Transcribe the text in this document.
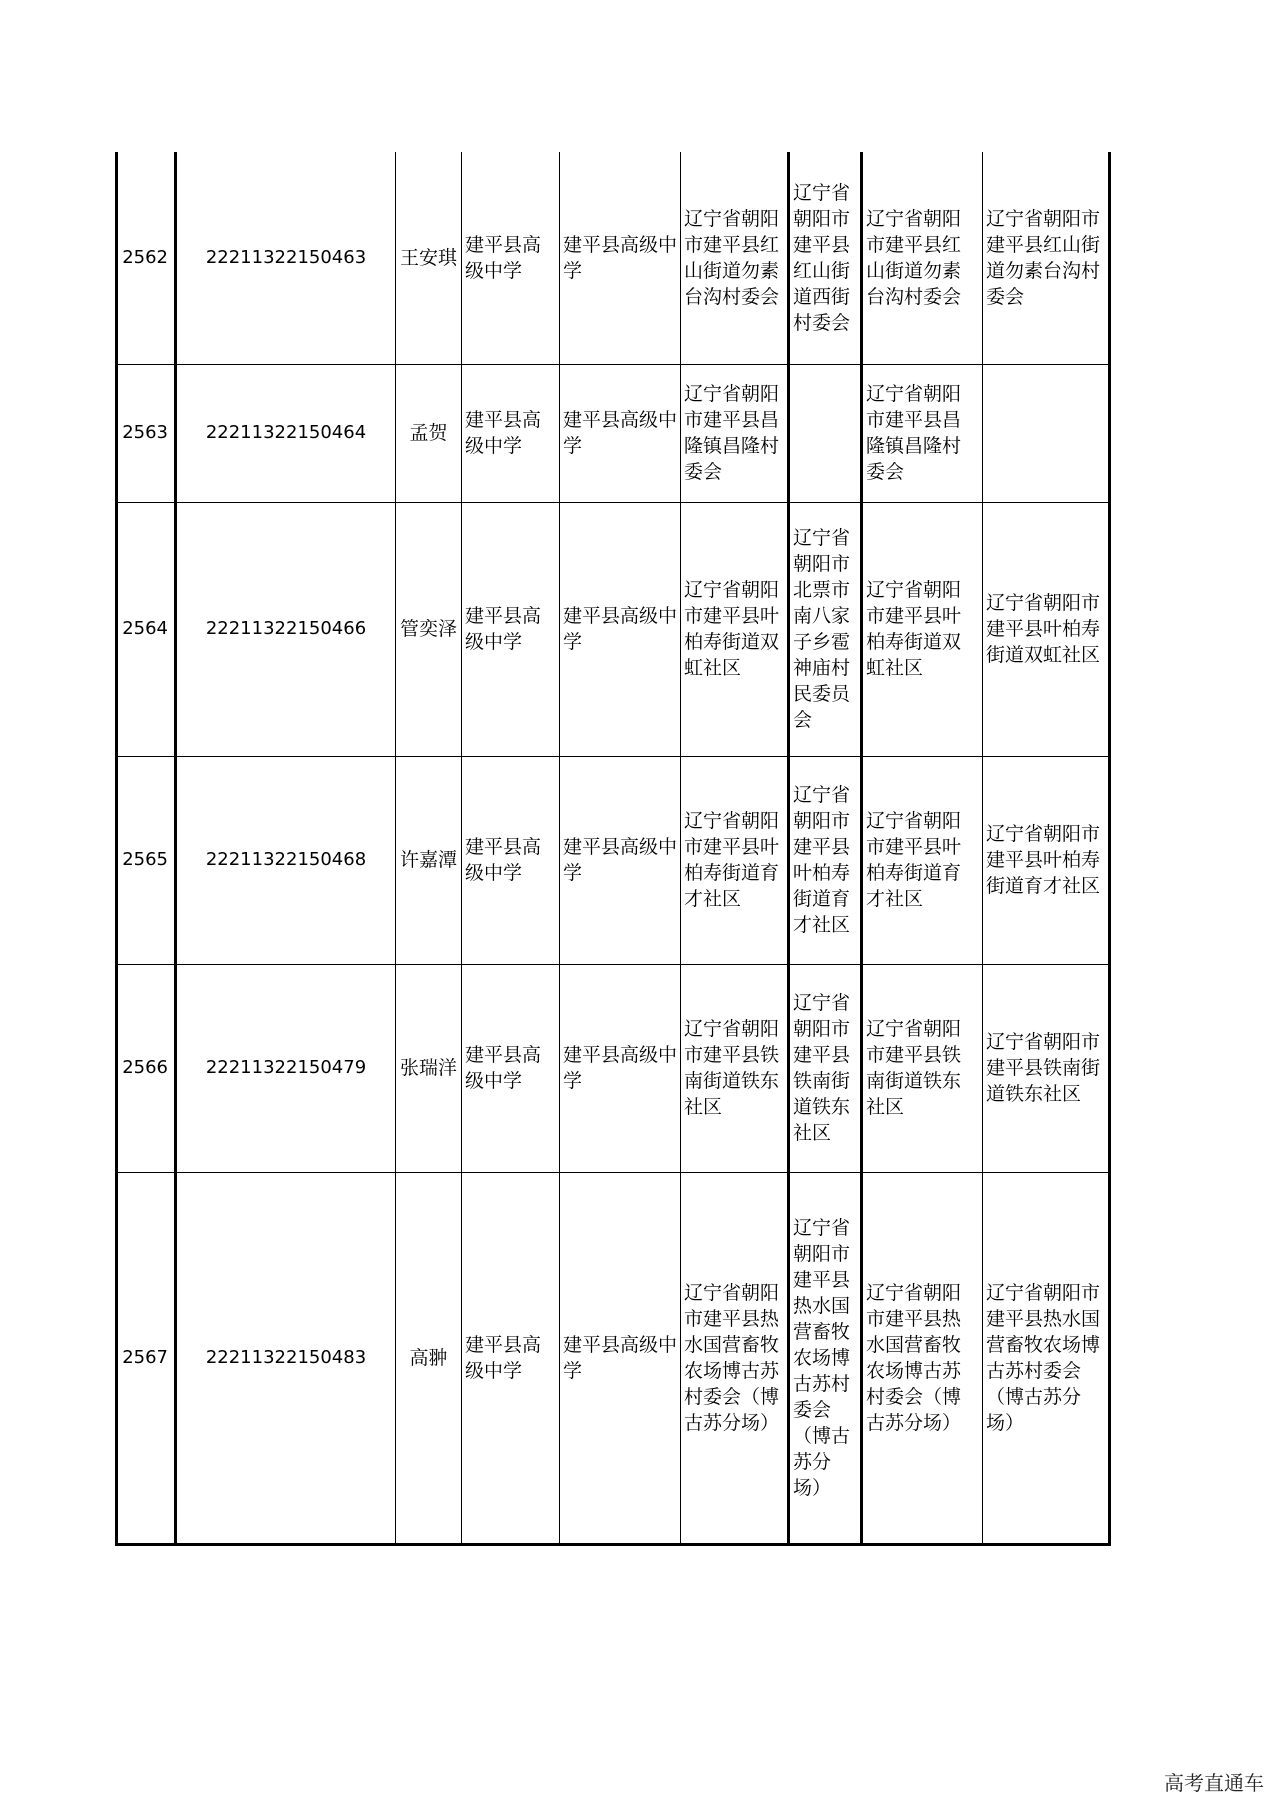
2562	22211322150463	王安琪	建平县高级中学	建平县高级中学	辽宁省朝阳市建平县红山街道勿素台沟村委会	辽宁省朝阳市建平县红山街道西街村委会	辽宁省朝阳市建平县红山街道勿素台沟村委会	辽宁省朝阳市建平县红山街道勿素台沟村委会
2563	22211322150464	孟贺	建平县高级中学	建平县高级中学	辽宁省朝阳市建平县昌隆镇昌隆村委会		辽宁省朝阳市建平县昌隆镇昌隆村委会	
2564	22211322150466	管奕泽	建平县高级中学	建平县高级中学	辽宁省朝阳市建平县叶柏寿街道双虹社区	辽宁省朝阳市北票市南八家子乡雹神庙村民委员会	辽宁省朝阳市建平县叶柏寿街道双虹社区	辽宁省朝阳市建平县叶柏寿街道双虹社区
2565	22211322150468	许嘉潭	建平县高级中学	建平县高级中学	辽宁省朝阳市建平县叶柏寿街道育才社区	辽宁省朝阳市建平县叶柏寿街道育才社区	辽宁省朝阳市建平县叶柏寿街道育才社区	辽宁省朝阳市建平县叶柏寿街道育才社区
2566	22211322150479	张瑞洋	建平县高级中学	建平县高级中学	辽宁省朝阳市建平县铁南街道铁东社区	辽宁省朝阳市建平县铁南街道铁东社区	辽宁省朝阳市建平县铁南街道铁东社区	辽宁省朝阳市建平县铁南街道铁东社区
2567	22211322150483	高翀	建平县高级中学	建平县高级中学	辽宁省朝阳市建平县热水国营畜牧农场博古苏村委会（博古苏分场）	辽宁省朝阳市建平县热水国营畜牧农场博古苏村委会（博古苏分场）	辽宁省朝阳市建平县热水国营畜牧农场博古苏村委会（博古苏分场）	辽宁省朝阳市建平县热水国营畜牧农场博古苏村委会（博古苏分场）
高考直通车
